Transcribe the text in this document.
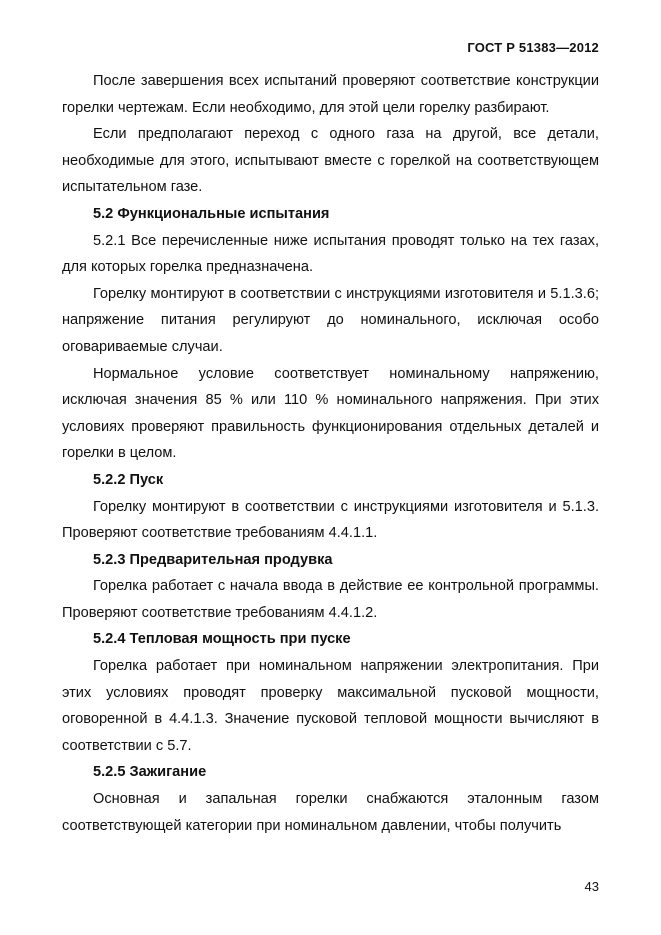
ГОСТ Р 51383—2012

После завершения всех испытаний проверяют соответствие конструкции горелки чертежам. Если необходимо, для этой цели горелку разбирают.

Если предполагают переход с одного газа на другой, все детали, необходимые для этого, испытывают вместе с горелкой на соответствующем испытательном газе.

5.2 Функциональные испытания

5.2.1 Все перечисленные ниже испытания проводят только на тех газах, для которых горелка предназначена.

Горелку монтируют в соответствии с инструкциями изготовителя и 5.1.3.6; напряжение питания регулируют до номинального, исключая особо оговариваемые случаи.

Нормальное условие соответствует номинальному напряжению, исключая значения 85 % или 110 % номинального напряжения. При этих условиях проверяют правильность функционирования отдельных деталей и горелки в целом.

5.2.2 Пуск

Горелку монтируют в соответствии с инструкциями изготовителя и 5.1.3. Проверяют соответствие требованиям 4.4.1.1.

5.2.3 Предварительная продувка

Горелка работает с начала ввода в действие ее контрольной программы. Проверяют соответствие требованиям 4.4.1.2.

5.2.4 Тепловая мощность при пуске

Горелка работает при номинальном напряжении электропитания. При этих условиях проводят проверку максимальной пусковой мощности, оговоренной в 4.4.1.3. Значение пусковой тепловой мощности вычисляют в соответствии с 5.7.

5.2.5 Зажигание

Основная и запальная горелки снабжаются эталонным газом соответствующей категории при номинальном давлении, чтобы получить

43
